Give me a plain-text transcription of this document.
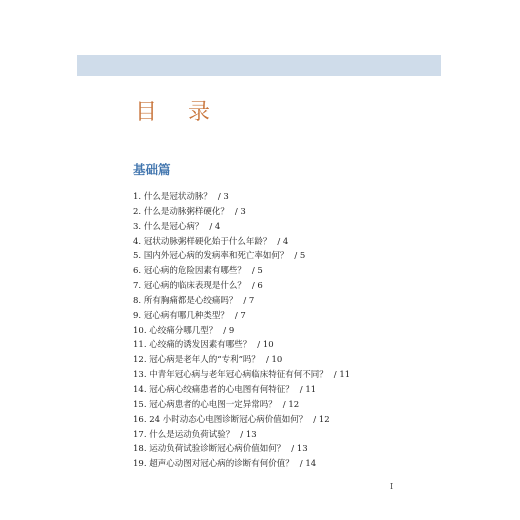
目 录
基础篇
1. 什么是冠状动脉？ / 3
2. 什么是动脉粥样硬化？ / 3
3. 什么是冠心病？ / 4
4. 冠状动脉粥样硬化始于什么年龄？ / 4
5. 国内外冠心病的发病率和死亡率如何？ / 5
6. 冠心病的危险因素有哪些？ / 5
7. 冠心病的临床表现是什么？ / 6
8. 所有胸痛都是心绞痛吗？ / 7
9. 冠心病有哪几种类型？ / 7
10. 心绞痛分哪几型？ / 9
11. 心绞痛的诱发因素有哪些？ / 10
12. 冠心病是老年人的“专利”吗？ / 10
13. 中青年冠心病与老年冠心病临床特征有何不同？ / 11
14. 冠心病心绞痛患者的心电图有何特征？ / 11
15. 冠心病患者的心电图一定异常吗？ / 12
16. 24 小时动态心电图诊断冠心病价值如何？ / 12
17. 什么是运动负荷试验？ / 13
18. 运动负荷试验诊断冠心病价值如何？ / 13
19. 超声心动图对冠心病的诊断有何价值？ / 14
I
